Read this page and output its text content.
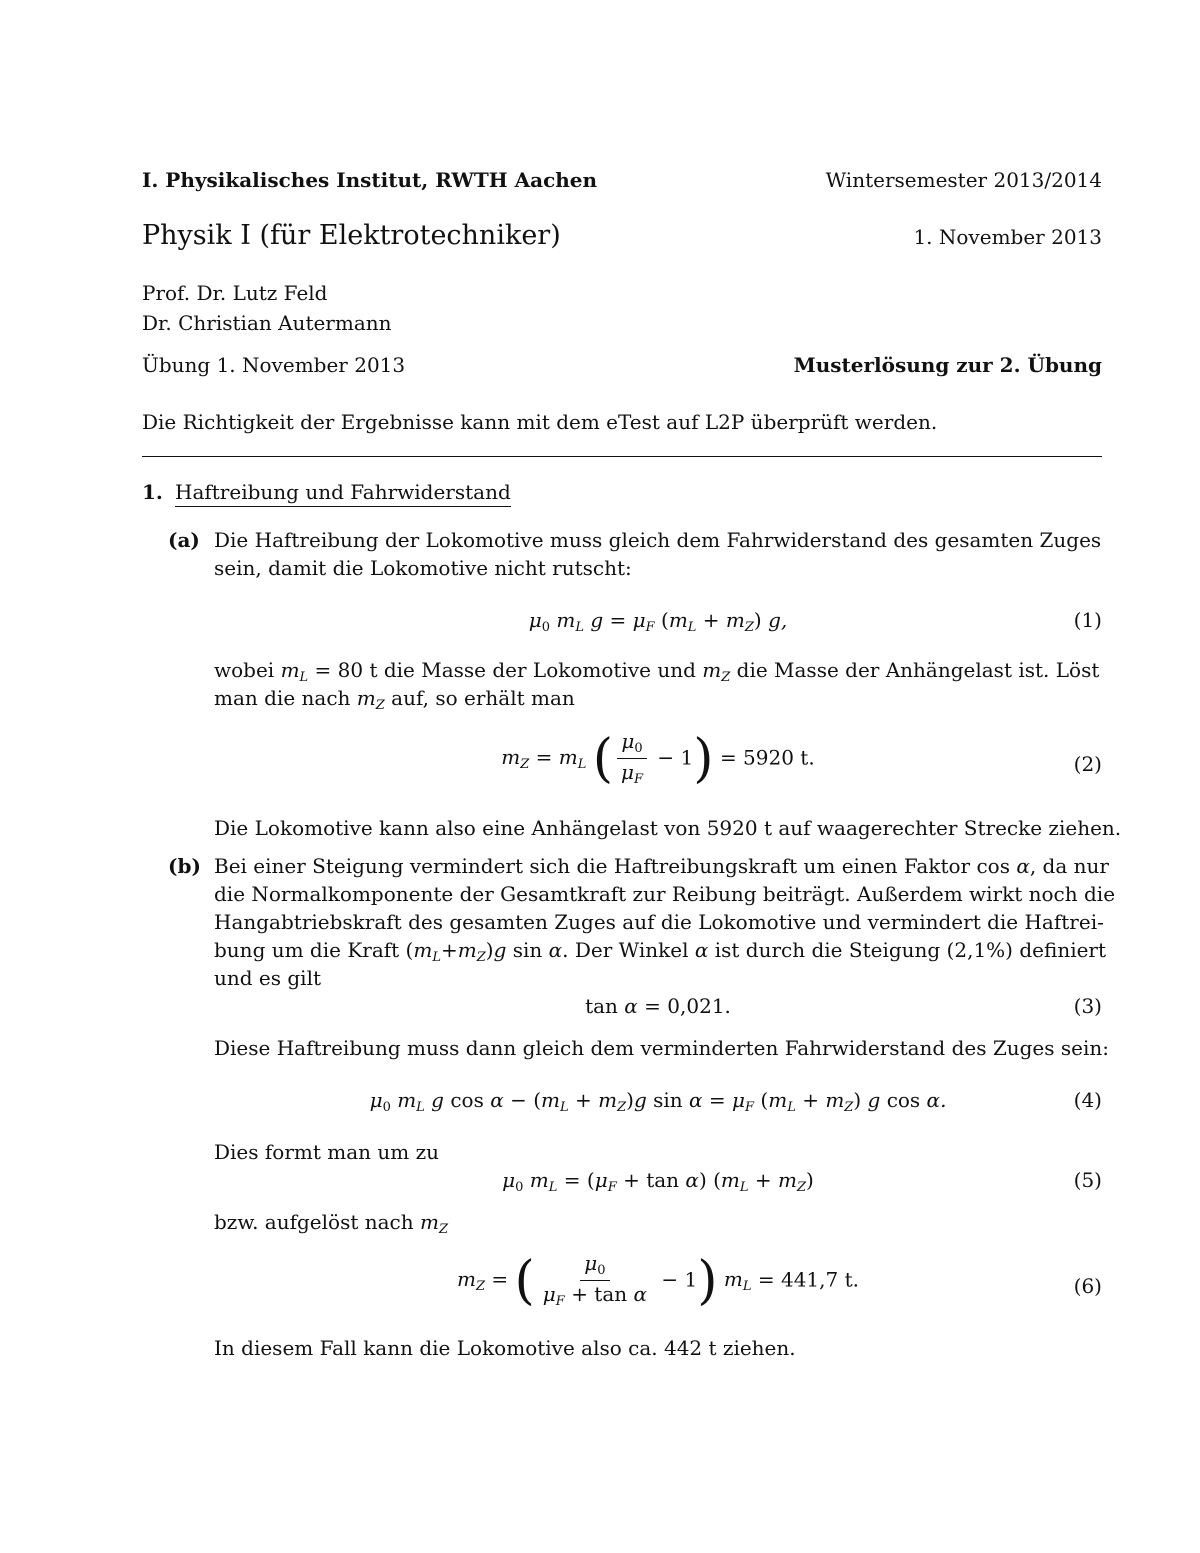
I. Physikalisches Institut, RWTH Aachen	Wintersemester 2013/2014
Physik I (für Elektrotechniker)	1. November 2013
Prof. Dr. Lutz Feld
Dr. Christian Autermann
Übung 1. November 2013	Musterlösung zur 2. Übung
Die Richtigkeit der Ergebnisse kann mit dem eTest auf L2P überprüft werden.
1. Haftreibung und Fahrwiderstand
(a) Die Haftreibung der Lokomotive muss gleich dem Fahrwiderstand des gesamten Zuges
sein, damit die Lokomotive nicht rutscht:
$\mu_0$ $m_L$ $g = \mu_F$ $(m_L + m_Z)$ g,	(1)
wobei $m_L = 80$ t die Masse der Lokomotive und $m_Z$ die Masse der Anhängelast ist. Löst
man die nach $m_Z$ auf, so erhält man
$m_Z = m_L$ ( $\frac{\mu_0}{\mu_F} - 1) = 5920$ t.	(2)
Die Lokomotive kann also eine Anhängelast von 5920 t auf waagerechter Strecke ziehen.
(b) Bei einer Steigung vermindert sich die Haftreibungskraft um einen Faktor cos α, da nur
die Normalkomponente der Gesamtkraft zur Reibung beiträgt. Außerdem wirkt noch die
Hangabtriebskraft des gesamten Zuges auf die Lokomotive und vermindert die Haftrei-
bung um die Kraft $(m_L+m_Z)g$ sin α. Der Winkel α ist durch die Steigung (2,1%) definiert
und es gilt
tan α = 0,021.	(3)
Diese Haftreibung muss dann gleich dem verminderten Fahrwiderstand des Zuges sein:
$\mu_0$ $m_L$ g $\cos \alpha - (m_L + m_Z)g$ $\sin \alpha = \mu_F$ $(m_L + m_Z)$ g cos α.	(4)
Dies formt man um zu
$\mu_0$ $m_L = (\mu_F + \tan \alpha) (m_L + m_Z)$	(5)
bzw. aufgelöst nach $m_Z$
$m_Z$ = ( $\frac{\mu_0}{\mu_F + \tan \alpha} - 1$) $m_L = 441,7$ t.	(6)
In diesem Fall kann die Lokomotive also ca. 442 t ziehen.
